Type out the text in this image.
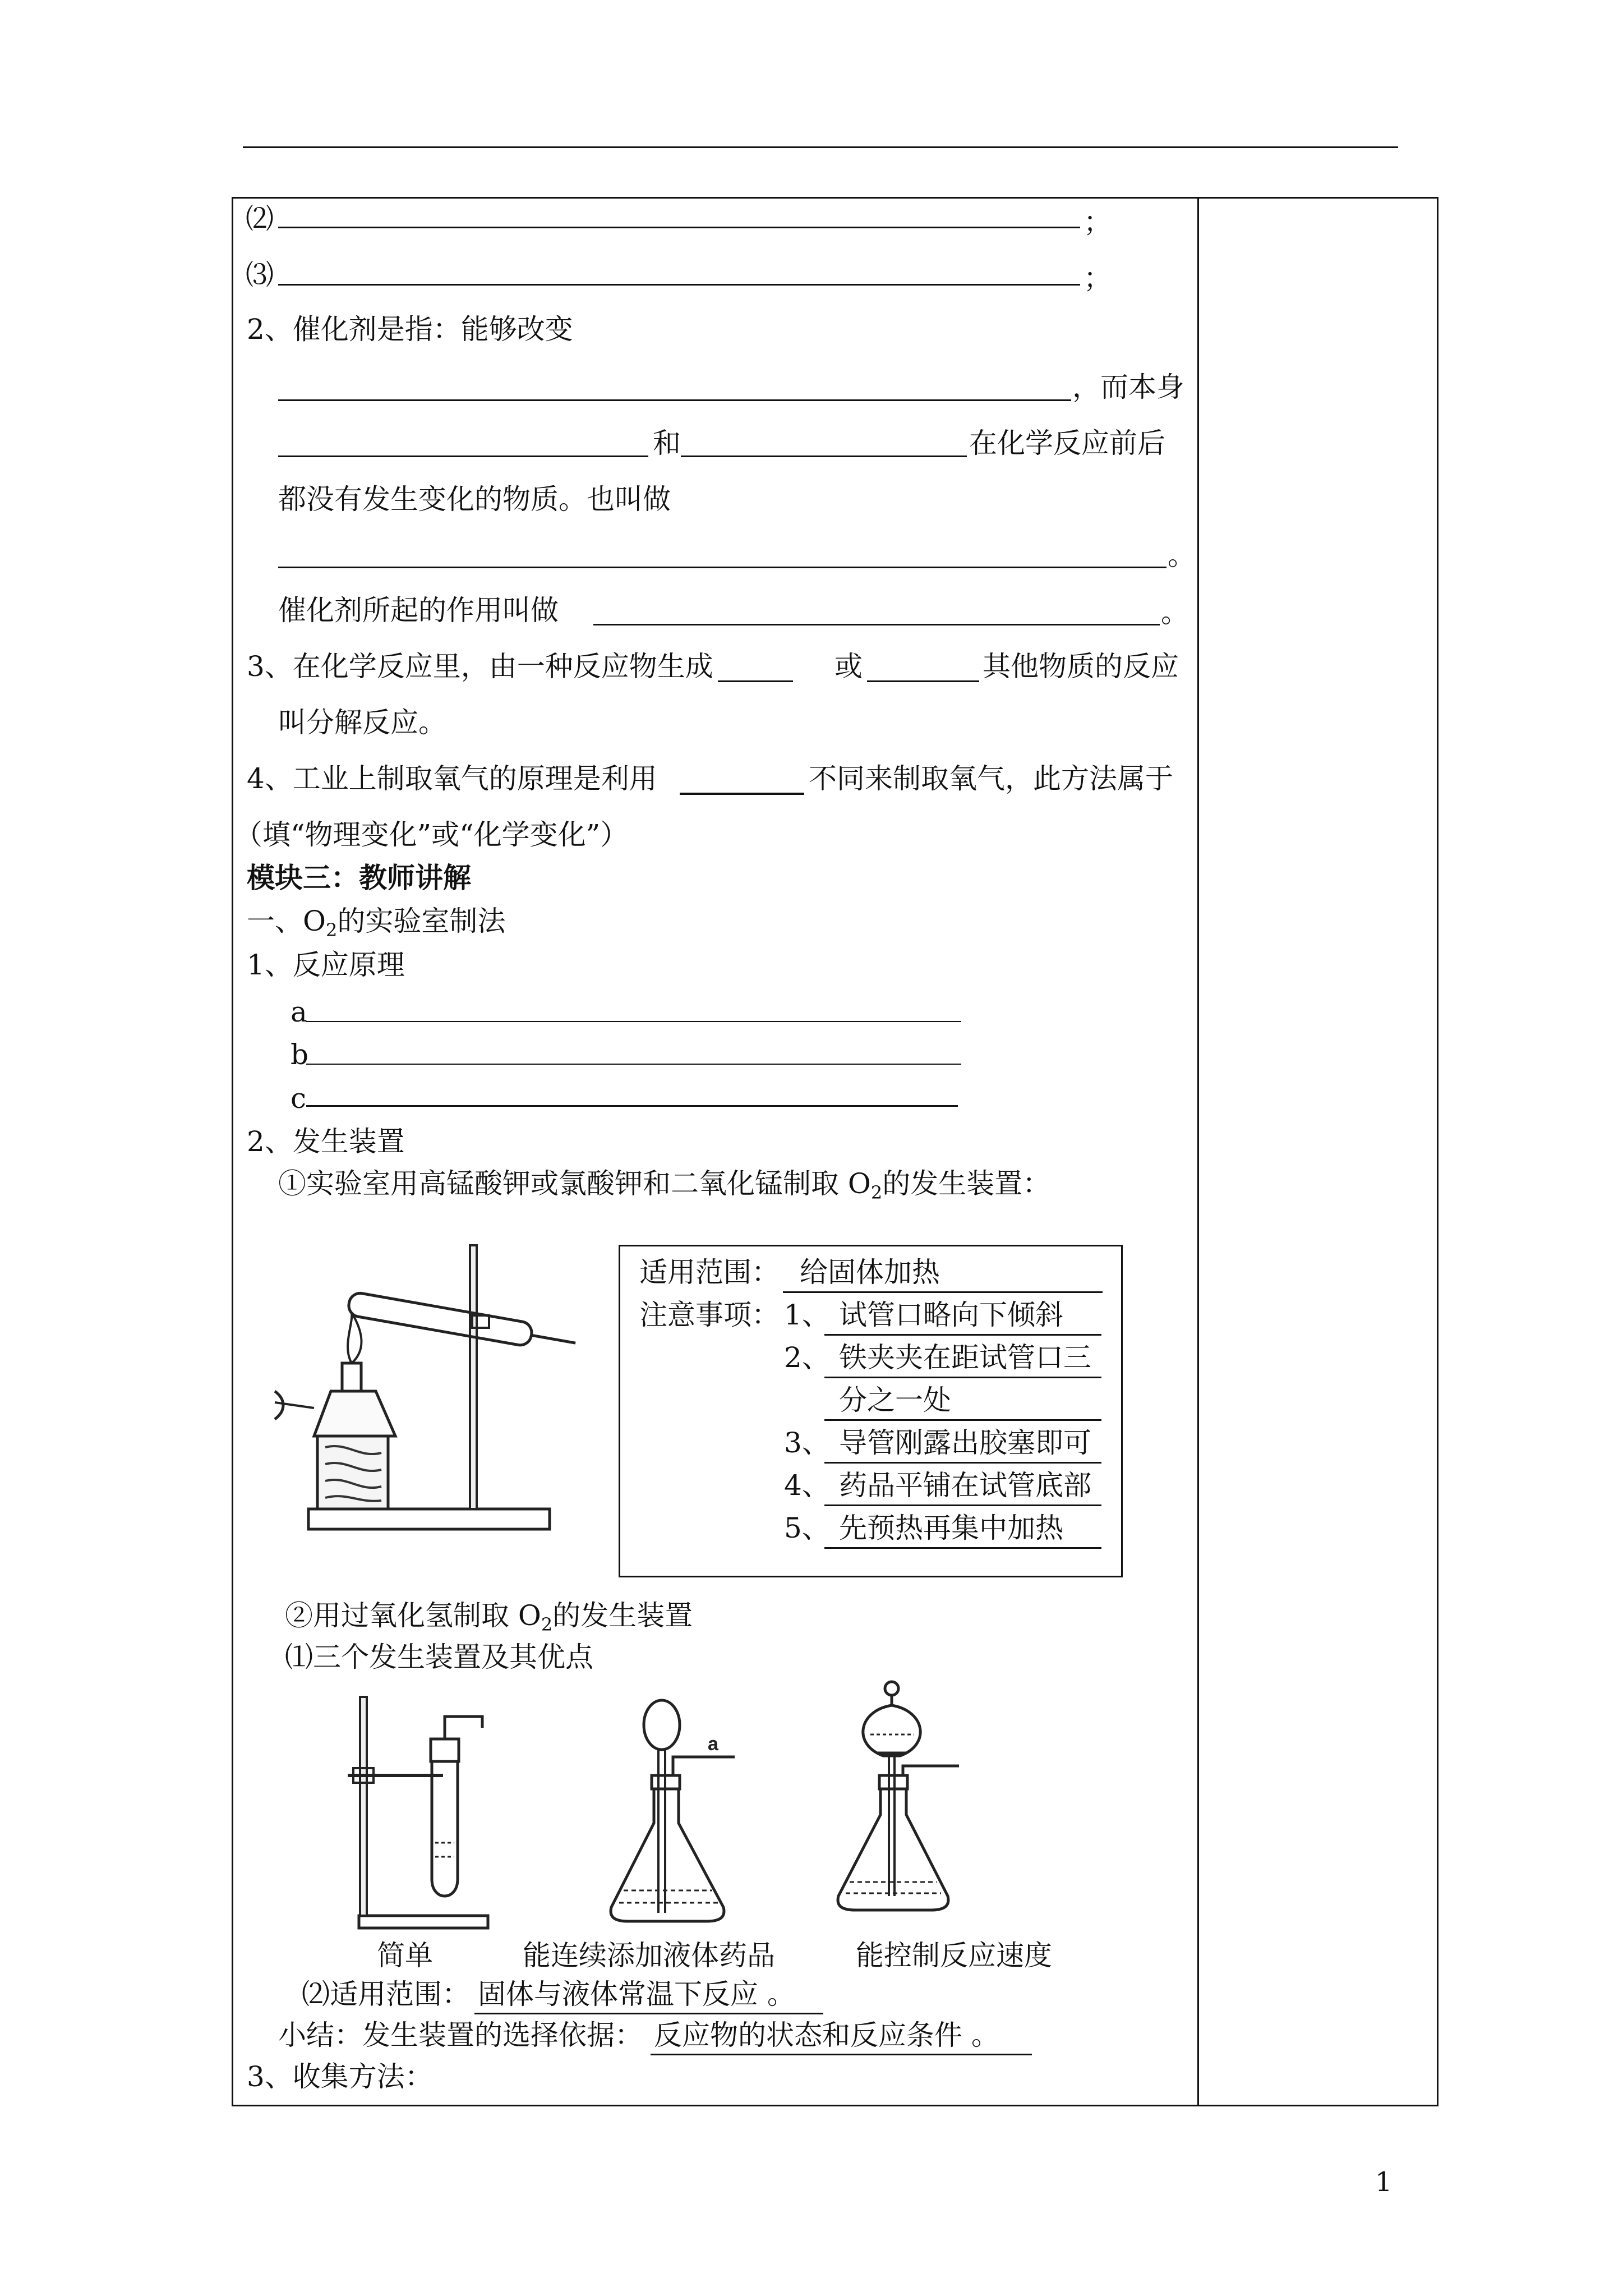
⑵	；
⑶	；
2、催化剂是指：能够改变
，而本身
和	在化学反应前后
都没有发生变化的物质。也叫做
。
催化剂所起的作用叫做	。
3、在化学反应里，由一种反应物生成	或	其他物质的反应
叫分解反应。
4、工业上制取氧气的原理是利用	不同来制取氧气，此方法属于
（填“物理变化”或“化学变化”）
模块三：教师讲解
一、$O_2$的实验室制法
1、反应原理
a
b
c
2、发生装置
①实验室用高锰酸钾或氯酸钾和二氧化锰制取 $O_2$的发生装置：
适用范围： 给固体加热
注意事项： 1、 试管口略向下倾斜
2、 铁夹夹在距试管口三
分之一处
3、 导管刚露出胶塞即可
4、 药品平铺在试管底部
5、 先预热再集中加热
②用过氧化氢制取 $O_2$的发生装置
⑴三个发生装置及其优点
a
简单	能连续添加液体药品	能控制反应速度
⑵适用范围： 固体与液体常温下反应 。
小结：发生装置的选择依据： 反应物的状态和反应条件 。
3、收集方法：
1
